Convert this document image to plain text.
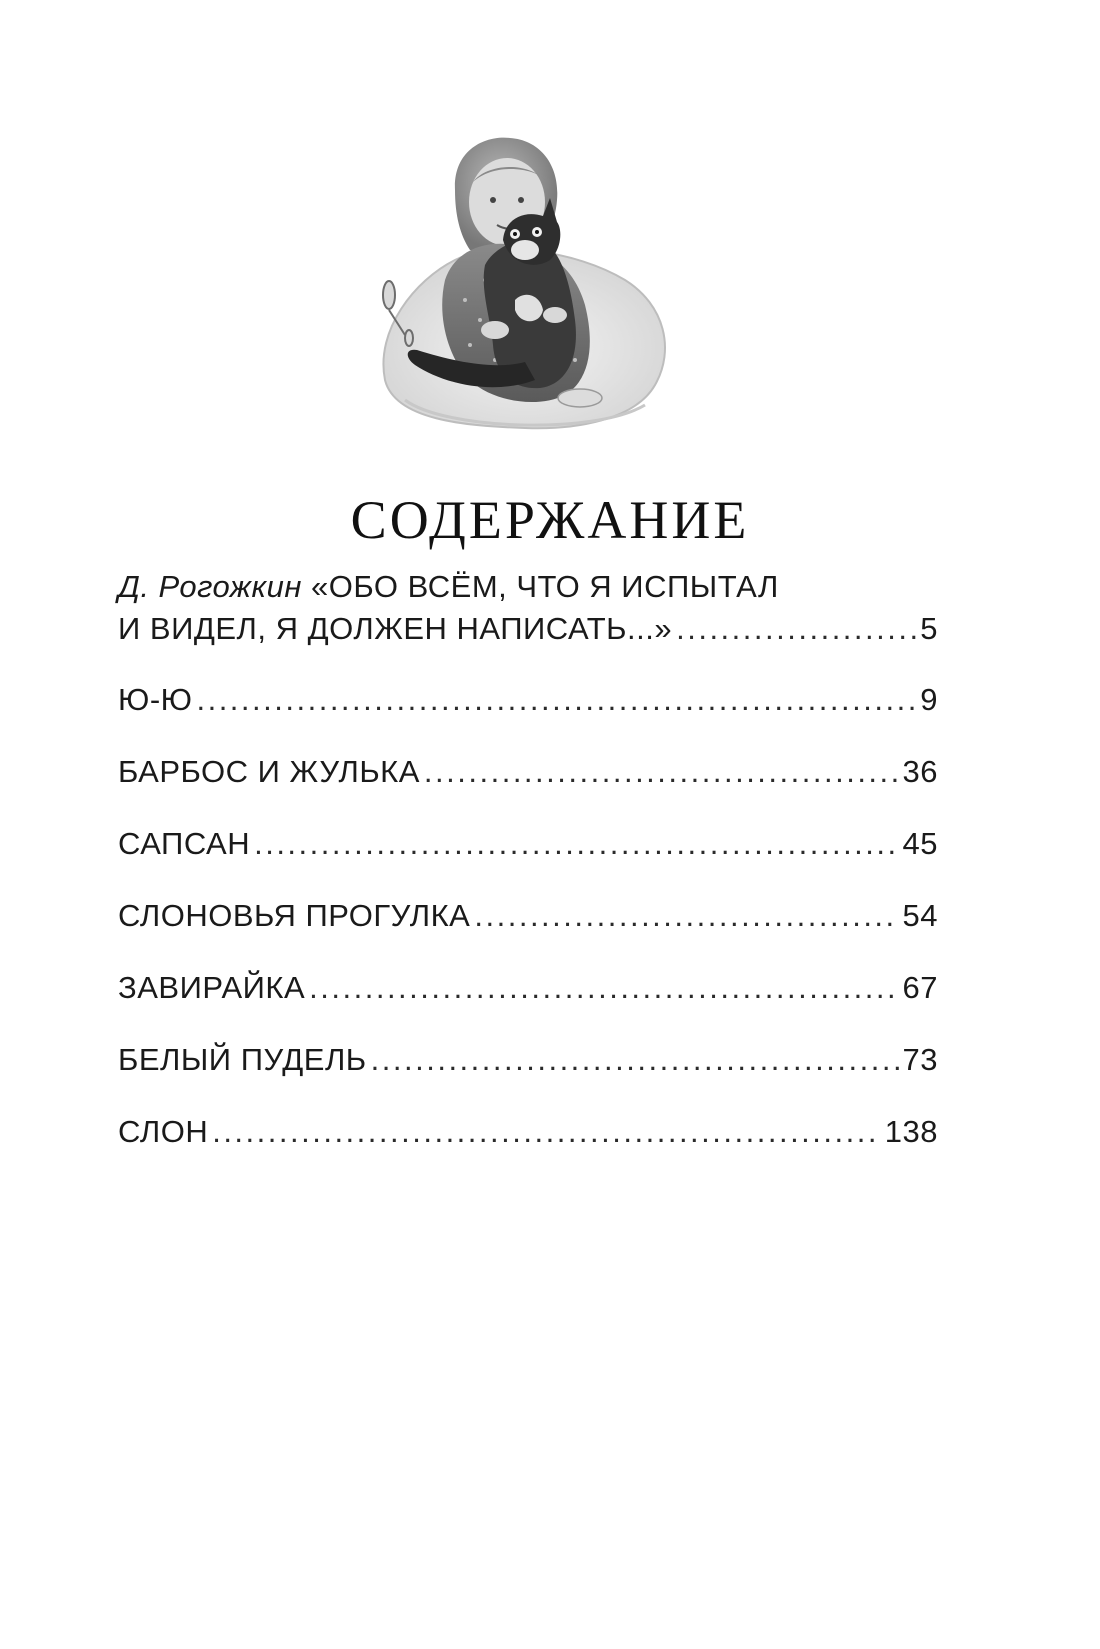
СОДЕРЖАНИЕ
Д. Рогожкин «ОБО ВСЁМ, ЧТО Я ИСПЫТАЛ
И ВИДЕЛ, Я ДОЛЖЕН НАПИСАТЬ...» .....	5
Ю-Ю .....	9
БАРБОС И ЖУЛЬКА .....	36
САПСАН .....	45
СЛОНОВЬЯ ПРОГУЛКА .....	54
ЗАВИРАЙКА .....	67
БЕЛЫЙ ПУДЕЛЬ .....	73
СЛОН .....	138
